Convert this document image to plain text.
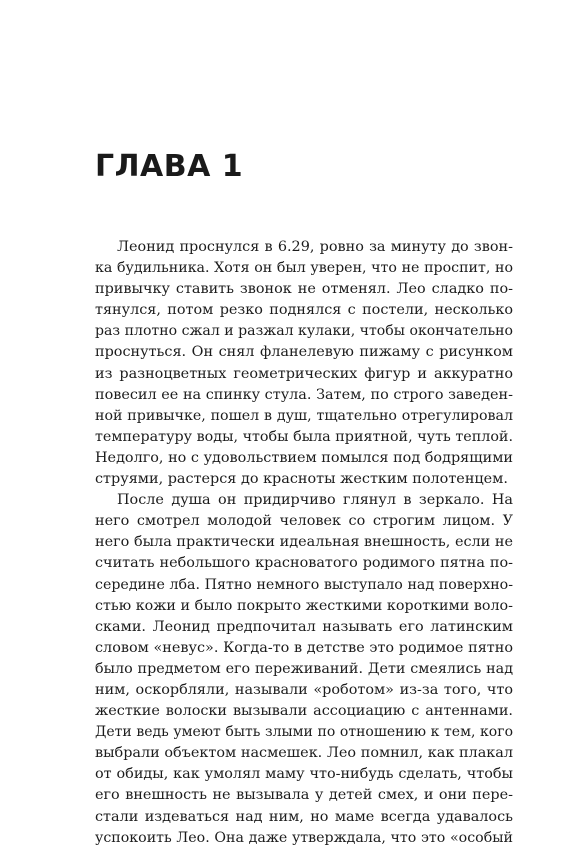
ГЛАВА 1
Леонид проснулся в 6.29, ровно за минуту до звон-
ка будильника. Хотя он был уверен, что не проспит, но
привычку ставить звонок не отменял. Лео сладко по-
тянулся, потом резко поднялся с постели, несколько
раз плотно сжал и разжал кулаки, чтобы окончательно
проснуться. Он снял фланелевую пижаму с рисунком
из разноцветных геометрических фигур и аккуратно
повесил ее на спинку стула. Затем, по строго заведен-
ной привычке, пошел в душ, тщательно отрегулировал
температуру воды, чтобы была приятной, чуть теплой.
Недолго, но с удовольствием помылся под бодрящими
струями, растерся до красноты жестким полотенцем.
После душа он придирчиво глянул в зеркало. На
него смотрел молодой человек со строгим лицом. У
него была практически идеальная внешность, если не
считать небольшого красноватого родимого пятна по-
середине лба. Пятно немного выступало над поверхно-
стью кожи и было покрыто жесткими короткими воло-
сками. Леонид предпочитал называть его латинским
словом «невус». Когда-то в детстве это родимое пятно
было предметом его переживаний. Дети смеялись над
ним, оскорбляли, называли «роботом» из-за того, что
жесткие волоски вызывали ассоциацию с антеннами.
Дети ведь умеют быть злыми по отношению к тем, кого
выбрали объектом насмешек. Лео помнил, как плакал
от обиды, как умолял маму что-нибудь сделать, чтобы
его внешность не вызывала у детей смех, и они пере-
стали издеваться над ним, но маме всегда удавалось
успокоить Лео. Она даже утверждала, что это «особый
